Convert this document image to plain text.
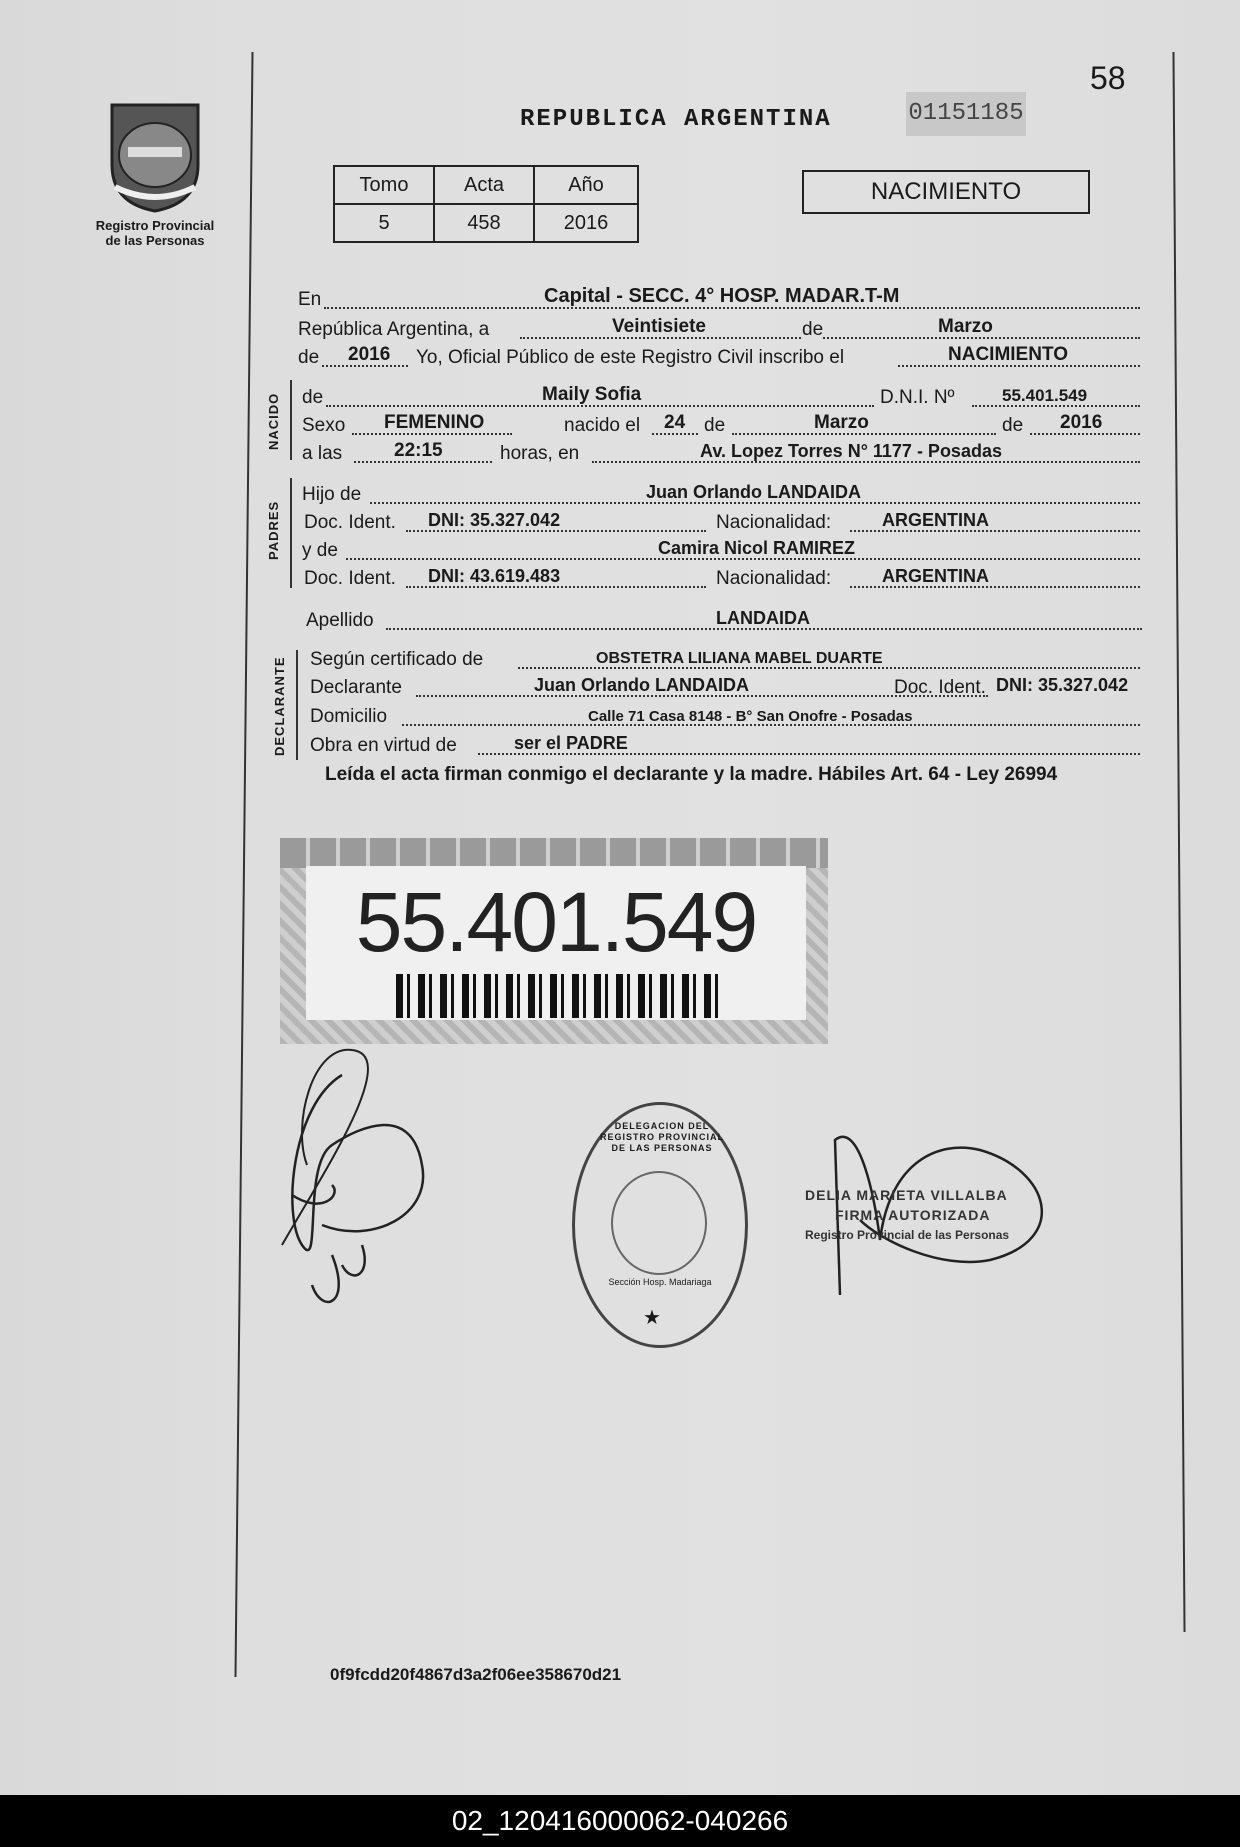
Registro Provincial
de las Personas
REPUBLICA ARGENTINA	01151185
58
Tomo	Acta	Año
5	458	2016
NACIMIENTO
En	Capital - SECC. 4° HOSP. MADAR.T-M
República Argentina, a	Veintisiete	de	Marzo
de 2016 Yo, Oficial Público de este Registro Civil inscribo el	NACIMIENTO
NACIDO de	Maily Sofia	D.N.I. Nº	55.401.549
Sexo FEMENINO	nacido el 24 de	Marzo	de 2016
a las	22:15	horas, en	Av. Lopez Torres N° 1177 - Posadas
PADRES
Hijo de	Juan Orlando LANDAIDA
Doc. Ident. DNI: 35.327.042	Nacionalidad:	ARGENTINA
y de	Camira Nicol RAMIREZ
Doc. Ident. DNI: 43.619.483	Nacionalidad:	ARGENTINA
Apellido	LANDAIDA
DECLARANTE Según certificado de	OBSTETRA LILIANA MABEL DUARTE
Declarante	Juan Orlando LANDAIDA	Doc. Ident. DNI: 35.327.042
Domicilio	Calle 71 Casa 8148 - B° San Onofre - Posadas
Obra en virtud de	ser el PADRE
Leída el acta firman conmigo el declarante y la madre. Hábiles Art. 64 - Ley 26994
55.401.549
★
DELEGACION DEL REGISTRO PROVINCIAL DE LAS PERSONAS
Sección Hosp. Madariaga
DELIA MARIETA VILLALBA
FIRMA AUTORIZADA
Registro Provincial de las Personas
0f9fcdd20f4867d3a2f06ee358670d21
02_120416000062-040266
